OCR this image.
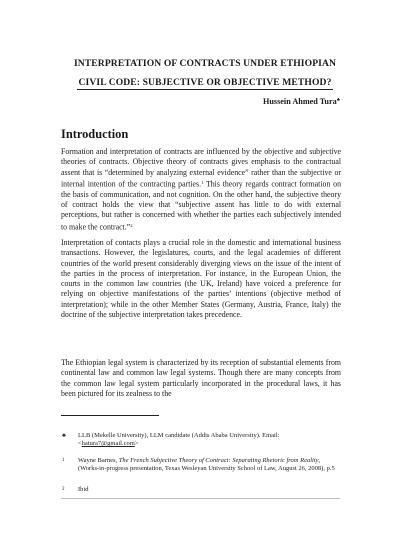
INTERPRETATION OF CONTRACTS UNDER ETHIOPIAN
CIVIL CODE: SUBJECTIVE OR OBJECTIVE METHOD?
Hussein Ahmed Tura♣
Introduction
Formation and interpretation of contracts are influenced by the objective and subjective theories of contracts. Objective theory of contracts gives emphasis to the contractual assent that is “determined by analyzing external evidence” rather than the subjective or internal intention of the contracting parties.$^1$ This theory regards contract formation on the basis of communication, and not cognition. On the other hand, the subjective theory of contract holds the view that “subjective assent has little to do with external perceptions, but rather is concerned with whether the parties each subjectively intended to make the contract.”$^2$
Interpretation of contacts plays a crucial role in the domestic and international business transactions. However, the legislatures, courts, and the legal academies of different countries of the world present considerably diverging views on the issue of the intent of the parties in the process of interpretation. For instance, in the European Union, the courts in the common law countries (the UK, Ireland) have voiced a preference for relying on objective manifestations of the parties’ intentions (objective method of interpretation); while in the other Member States (Germany, Austria, France, Italy) the doctrine of the subjective interpretation takes precedence.
The Ethiopian legal system is characterized by its reception of substantial elements from continental law and common law legal systems. Though there are many concepts from the common law legal system particularly incorporated in the procedural laws, it has been pictured for its zealness to the
♣ LLB (Mekelle University), LLM candidate (Addis Ababa University). Email: <hatura7@gmail.com>
1 Wayne Barnes, The French Subjective Theory of Contract: Separating Rhetoric from Reality, (Works-in-progress presentation, Texas Wesleyan University School of Law, August 26, 2008), p.5
2 Ibid
